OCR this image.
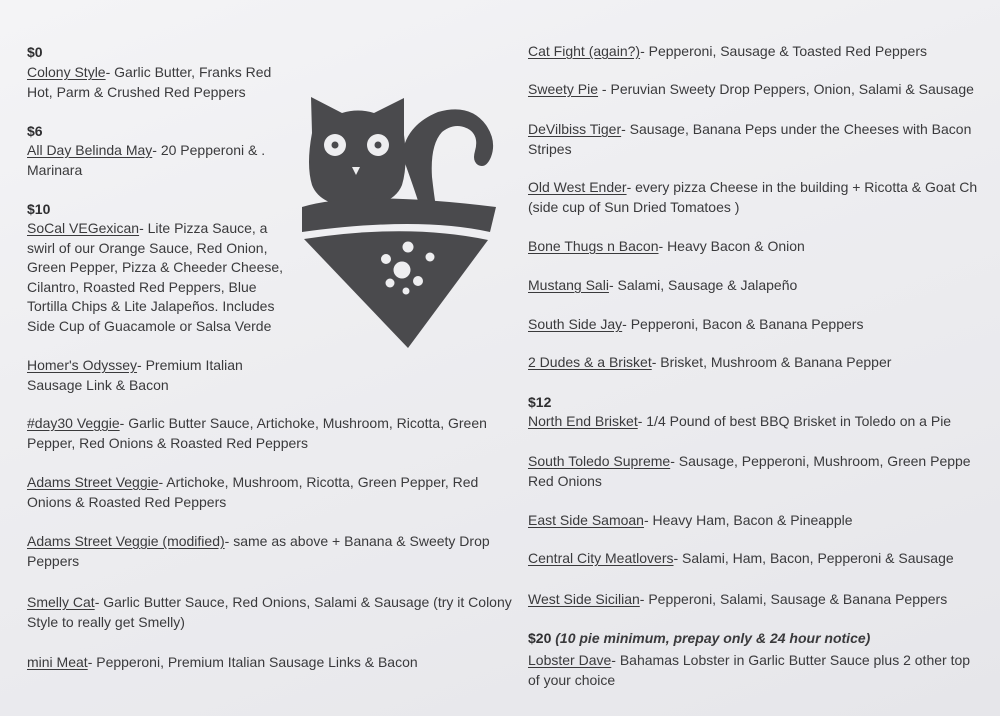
$0
Colony Style- Garlic Butter, Franks Red
Hot, Parm & Crushed Red Peppers
$6
All Day Belinda May- 20 Pepperoni & .
Marinara
$10
SoCal VEGexican- Lite Pizza Sauce, a
swirl of our Orange Sauce, Red Onion,
Green Pepper, Pizza & Cheeder Cheese,
Cilantro, Roasted Red Peppers, Blue
Tortilla Chips & Lite Jalapeños. Includes
Side Cup of Guacamole or Salsa Verde
Homer's Odyssey- Premium Italian
Sausage Link & Bacon
#day30 Veggie- Garlic Butter Sauce, Artichoke, Mushroom, Ricotta, Green
Pepper, Red Onions & Roasted Red Peppers
Adams Street Veggie- Artichoke, Mushroom, Ricotta, Green Pepper, Red
Onions & Roasted Red Peppers
Adams Street Veggie (modified)- same as above + Banana & Sweety Drop
Peppers
Smelly Cat- Garlic Butter Sauce, Red Onions, Salami & Sausage (try it Colony
Style to really get Smelly)
mini Meat- Pepperoni, Premium Italian Sausage Links & Bacon
Cat Fight (again?)- Pepperoni, Sausage & Toasted Red Peppers
Sweety Pie - Peruvian Sweety Drop Peppers, Onion, Salami & Sausage
DeVilbiss Tiger- Sausage, Banana Peps under the Cheeses with Bacon
Stripes
Old West Ender- every pizza Cheese in the building + Ricotta & Goat Ch
(side cup of Sun Dried Tomatoes )
Bone Thugs n Bacon- Heavy Bacon & Onion
Mustang Sali- Salami, Sausage & Jalapeño
South Side Jay- Pepperoni, Bacon & Banana Peppers
2 Dudes & a Brisket- Brisket, Mushroom & Banana Pepper
$12
North End Brisket- 1/4 Pound of best BBQ Brisket in Toledo on a Pie
South Toledo Supreme- Sausage, Pepperoni, Mushroom, Green Peppe
Red Onions
East Side Samoan- Heavy Ham, Bacon & Pineapple
Central City Meatlovers- Salami, Ham, Bacon, Pepperoni & Sausage
West Side Sicilian- Pepperoni, Salami, Sausage & Banana Peppers
$20 (10 pie minimum, prepay only & 24 hour notice)
Lobster Dave- Bahamas Lobster in Garlic Butter Sauce plus 2 other top
of your choice
